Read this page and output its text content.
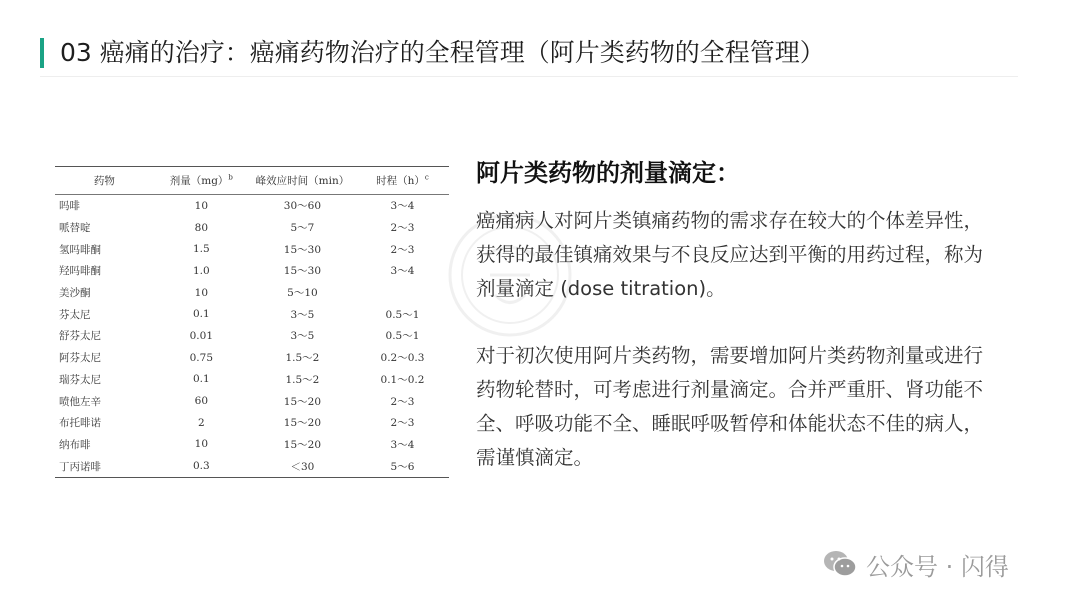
03 癌痛的治疗：癌痛药物治疗的全程管理（阿片类药物的全程管理）
药物	剂量（mg）$^b$	峰效应时间（min）	时程$(h)^c$
吗啡	10	30～60	3～4
哌替啶	80	5～7	2～3
氢吗啡酮	1.5	15～30	2～3
羟吗啡酮	1.0	15～30	3～4
美沙酮	10	5～10	
芬太尼	0.1	3～5	0.5～1
舒芬太尼	0.01	3～5	0.5～1
阿芬太尼	0.75	1.5～2	0.2～0.3
瑞芬太尼	0.1	1.5～2	0.1～0.2
喷他左辛	60	15～20	2～3
布托啡诺	2	15～20	2～3
纳布啡	10	15～20	3～4
丁丙诺啡	0.3	＜30	5～6
阿片类药物的剂量滴定：

癌痛病人对阿片类镇痛药物的需求存在较大的个体差异性，获得的最佳镇痛效果与不良反应达到平衡的用药过程，称为剂量滴定 (dose titration)。

对于初次使用阿片类药物，需要增加阿片类药物剂量或进行药物轮替时，可考虑进行剂量滴定。合并严重肝、肾功能不全、呼吸功能不全、睡眠呼吸暂停和体能状态不佳的病人，需谨慎滴定。

公众号 · 闪得
